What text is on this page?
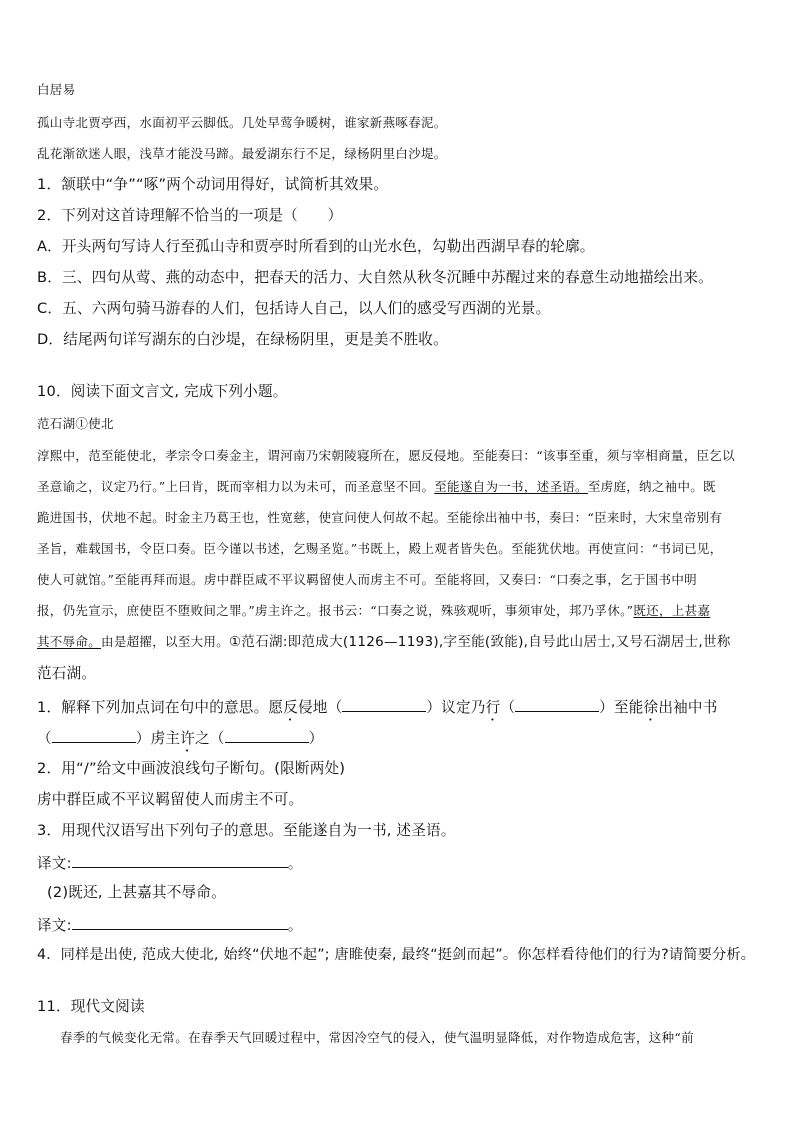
白居易
孤山寺北贾亭西，水面初平云脚低。几处早莺争暖树，谁家新燕啄春泥。
乱花渐欲迷人眼，浅草才能没马蹄。最爱湖东行不足，绿杨阴里白沙堤。
1．颔联中“争”“啄”两个动词用得好，试简析其效果。
2．下列对这首诗理解不恰当的一项是（　　）
A．开头两句写诗人行至孤山寺和贾亭时所看到的山光水色，勾勒出西湖早春的轮廓。
B．三、四句从莺、燕的动态中，把春天的活力、大自然从秋冬沉睡中苏醒过来的春意生动地描绘出来。
C．五、六两句骑马游春的人们，包括诗人自己，以人们的感受写西湖的光景。
D．结尾两句详写湖东的白沙堤，在绿杨阴里，更是美不胜收。
10．阅读下面文言文, 完成下列小题。
范石湖①使北
淳熙中，范至能使北，孝宗令口奏金主，谓河南乃宋朝陵寝所在，愿反侵地。至能奏曰：“该事至重，须与宰相商量，臣乞以
圣意谕之，议定乃行。”上曰肯，既而宰相力以为未可，而圣意坚不回。至能遂自为一书，述圣语。至虏庭，纳之袖中。既
跪进国书，伏地不起。时金主乃葛王也，性宽慈，使宣问使人何故不起。至能徐出袖中书，奏曰：“臣来时，大宋皇帝别有
圣旨，难载国书，令臣口奏。臣今谨以书述，乞赐圣览。”书既上，殿上观者皆失色。至能犹伏地。再使宣问：“书词已见，
使人可就馆。”至能再拜而退。虏中群臣咸不平议羁留使人而虏主不可。至能将回，又奏曰：“口奏之事，乞于国书中明
报，仍先宣示，庶使臣不堕败间之罪。”虏主许之。报书云：“口奏之说，殊骇观听，事须审处，邦乃孚休。”既还，上甚嘉
其不辱命。由是超擢，以至大用。①范石湖:即范成大(1126—1193),字至能(致能),自号此山居士,又号石湖居士,世称
范石湖。
1．解释下列加点词在句中的意思。愿反侵地（	）议定乃行（	）至能徐出袖中书
（	）虏主许之（	）
2．用“/”给文中画波浪线句子断句。(限断两处)
虏中群臣咸不平议羁留使人而虏主不可。
3．用现代汉语写出下列句子的意思。至能遂自为一书, 述圣语。
译文:	。
(2)既还, 上甚嘉其不辱命。
译文:	。
4．同样是出使, 范成大使北, 始终“伏地不起”; 唐睢使秦, 最终“挺剑而起”。你怎样看待他们的行为?请简要分析。
11．现代文阅读
春季的气候变化无常。在春季天气回暖过程中，常因冷空气的侵入，使气温明显降低，对作物造成危害，这种“前
